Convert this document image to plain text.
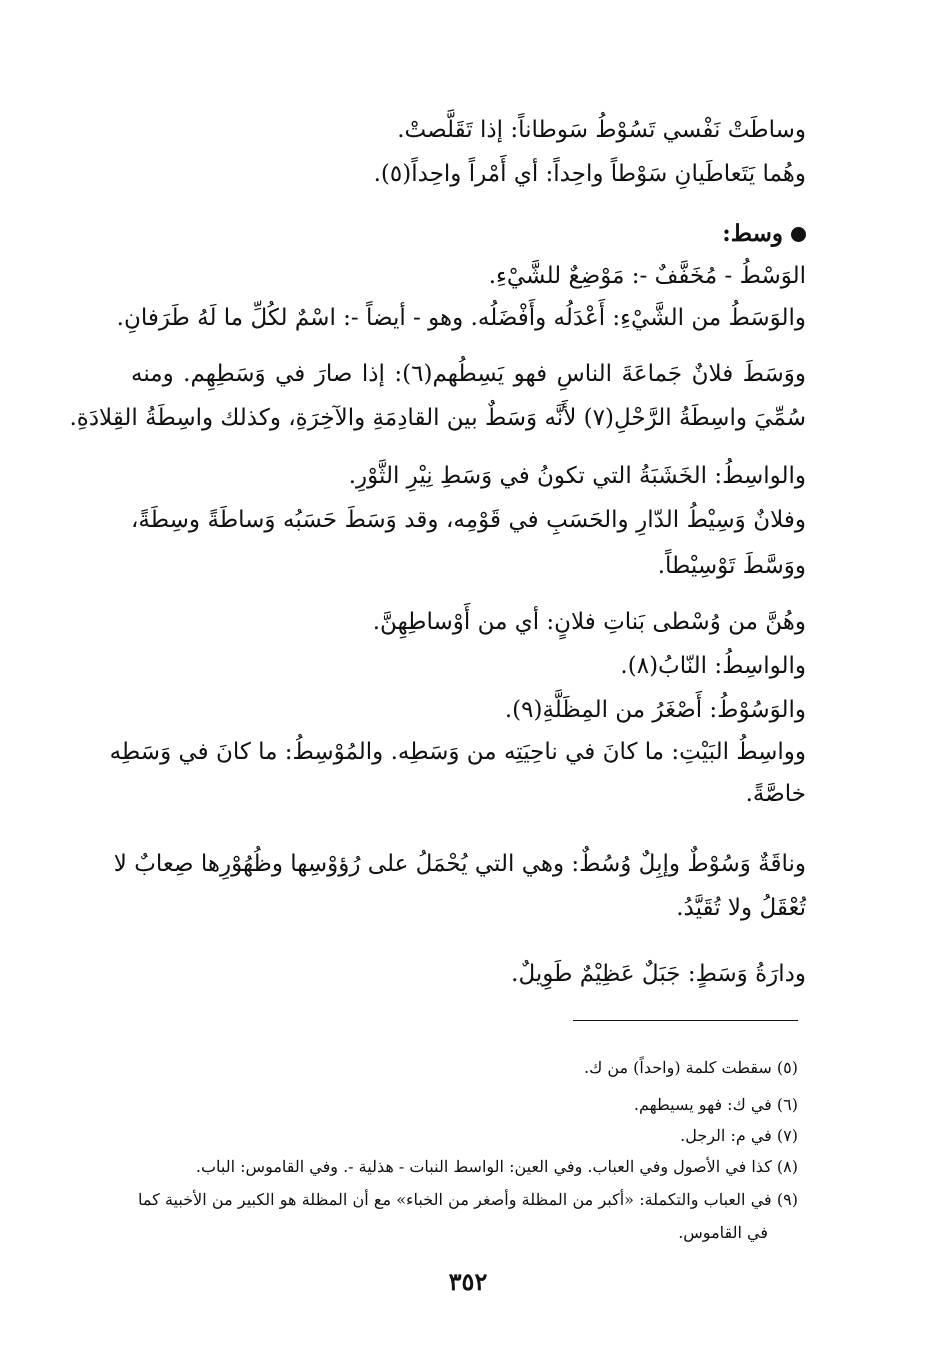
وساطَتْ نَفْسي تَسُوْطُ سَوطاناً: إذا تَقَلَّصتْ.
وهُما يَتَعاطَيانِ سَوْطاً واحِداً: أي أَمْراً واحِداً(٥).
وسط:
الوَسْطُ - مُخَفَّفٌ -: مَوْضِعٌ للشَّيْءِ.
والوَسَطُ من الشَّيْءِ: أَعْدَلُه وأَفْضَلُه. وهو - أيضاً -: اسْمٌ لكُلِّ ما لَهُ طَرَفانِ.
ووَسَطَ فلانٌ جَماعَةَ الناسِ فهو يَسِطُهم(٦): إذا صارَ في وَسَطِهِم. ومنه
سُمِّيَ واسِطَةُ الرَّحْلِ(٧) لأَنَّه وَسَطٌ بين القادِمَةِ والآخِرَةِ، وكذلك واسِطَةُ القِلادَةِ.
والواسِطُ: الخَشَبَةُ التي تكونُ في وَسَطِ نِيْرِ الثَّوْرِ.
وفلانٌ وَسِيْطُ الدّارِ والحَسَبِ في قَوْمِه، وقد وَسَطَ حَسَبُه وَساطَةً وسِطَةً،
ووَسَّطَ تَوْسِيْطاً.
وهُنَّ من وُسْطى بَناتِ فلانٍ: أي من أَوْساطِهِنَّ.
والواسِطُ: النّابُ(٨).
والوَسُوْطُ: أَصْغَرُ من المِظَلَّةِ(٩).
وواسِطُ البَيْتِ: ما كانَ في ناحِيَتِه من وَسَطِه. والمُوْسِطُ: ما كانَ في وَسَطِه
خاصَّةً.
وناقَةٌ وَسُوْطٌ وإبِلٌ وُسُطٌ: وهي التي يُحْمَلُ على رُؤوْسِها وظُهُوْرِها صِعابٌ لا
تُعْقَلُ ولا تُقَيَّدُ.
ودارَةُ وَسَطٍ: جَبَلٌ عَظِيْمٌ طَوِيلٌ.
(٥) سقطت كلمة (واحداً) من ك.
(٦) في ك: فهو يسيطهم.
(٧) في م: الرجل.
(٨) كذا في الأصول وفي العباب. وفي العين: الواسط النبات - هذلية -. وفي القاموس: الباب.
(٩) في العباب والتكملة: «أكبر من المظلة وأصغر من الخباء» مع أن المظلة هو الكبير من الأخبية كما
في القاموس.
٣٥٢
